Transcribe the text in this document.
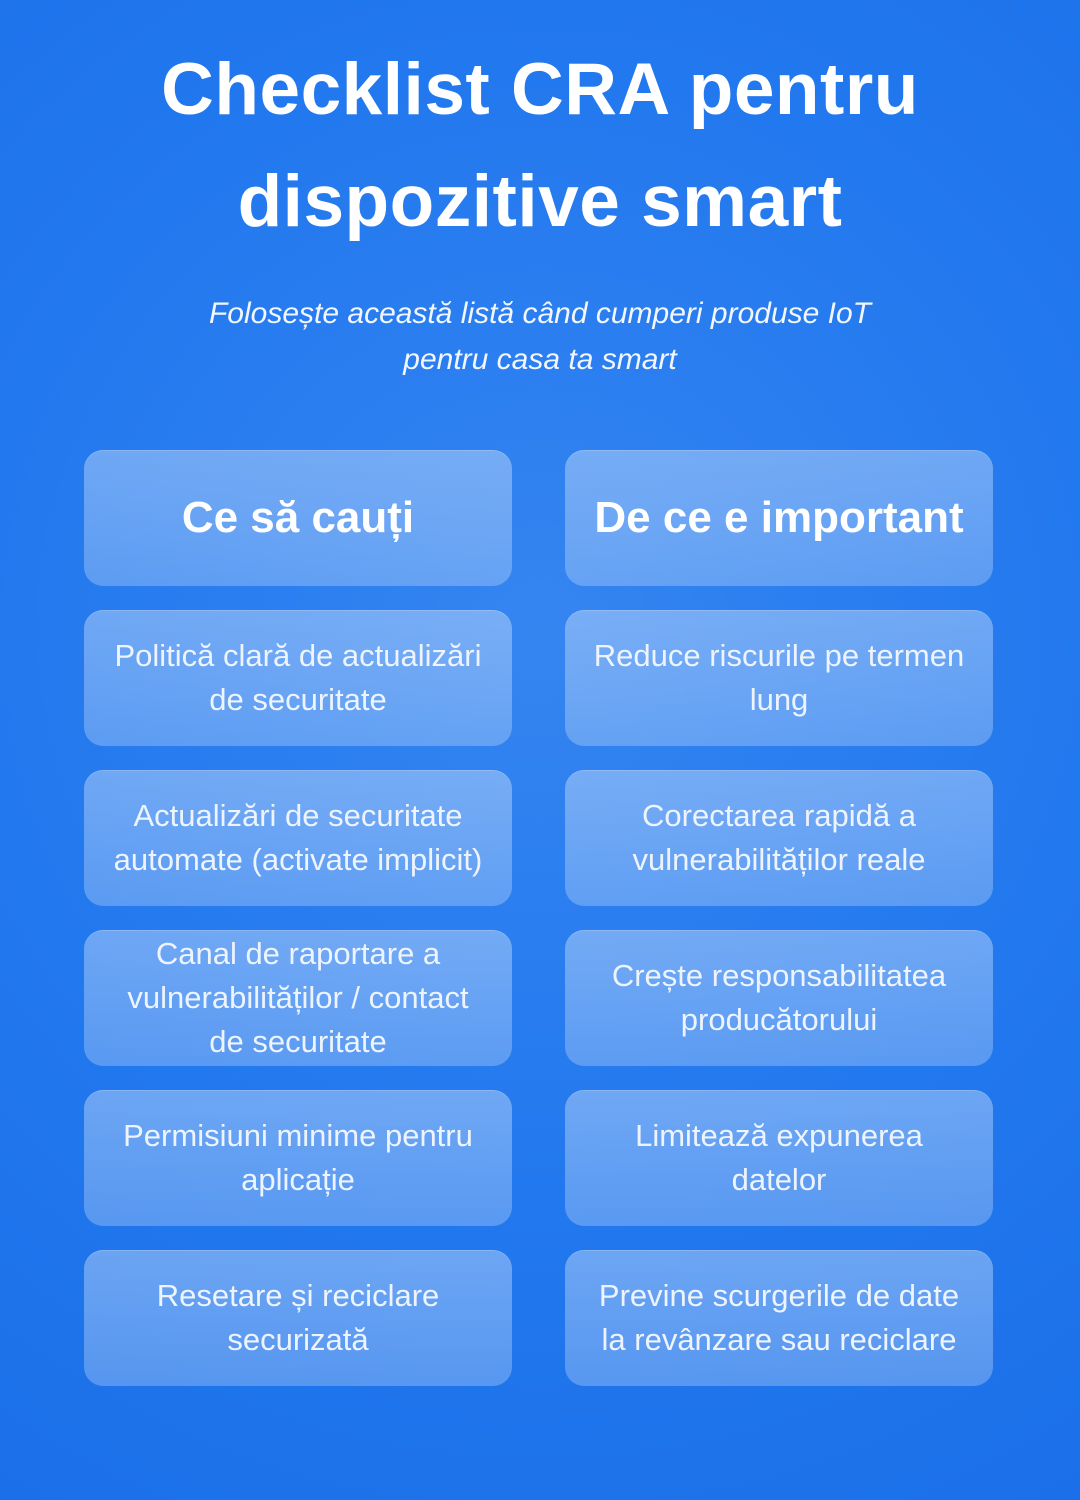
Checklist CRA pentru
dispozitive smart
Folosește această listă când cumperi produse IoT
pentru casa ta smart
Ce să cauți	De ce e important
Politică clară de actualizări de securitate
Reduce riscurile pe termen lung
Actualizări de securitate automate (activate implicit)
Corectarea rapidă a vulnerabilităților reale
Canal de raportare a vulnerabilităților / contact de securitate
Crește responsabilitatea producătorului
Permisiuni minime pentru aplicație
Limitează expunerea datelor
Resetare și reciclare securizată
Previne scurgerile de date la revânzare sau reciclare
